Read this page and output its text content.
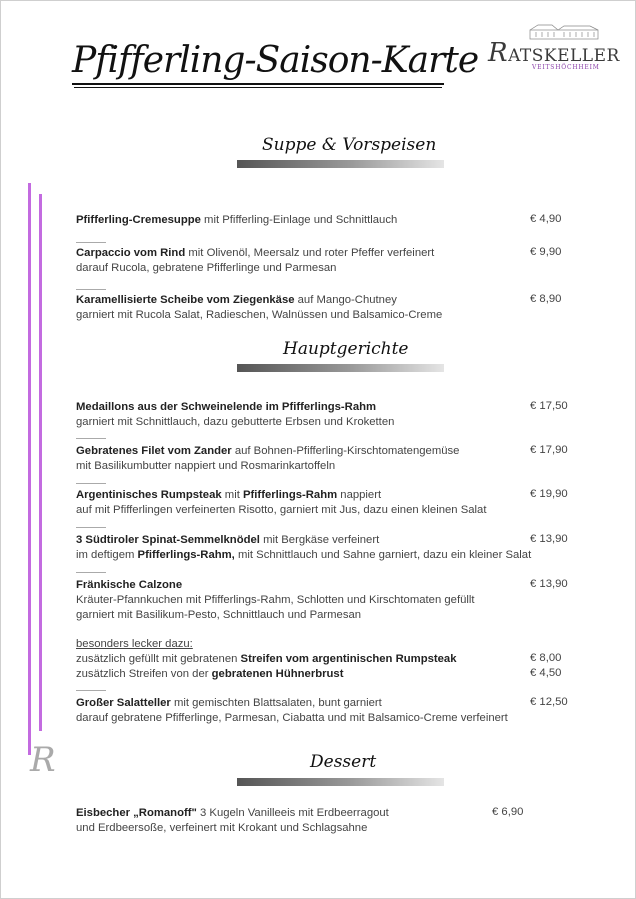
Pfifferling-Saison-Karte RATSKELLER
VEITSHÖCHHEIM
R
Suppe & Vorspeisen
Pfifferling-Cremesuppe mit Pfifferling-Einlage und Schnittlauch	€ 4,90
Carpaccio vom Rind mit Olivenöl, Meersalz und roter Pfeffer verfeinert
darauf Rucola, gebratene Pfifferlinge und Parmesan
€ 9,90
Karamellisierte Scheibe vom Ziegenkäse auf Mango-Chutney
garniert mit Rucola Salat, Radieschen, Walnüssen und Balsamico-Creme
€ 8,90
Hauptgerichte
Medaillons aus der Schweinelende im Pfifferlings-Rahm
garniert mit Schnittlauch, dazu gebutterte Erbsen und Kroketten
€ 17,50
Gebratenes Filet vom Zander auf Bohnen-Pfifferling-Kirschtomatengemüse
mit Basilikumbutter nappiert und Rosmarinkartoffeln
€ 17,90
Argentinisches Rumpsteak mit Pfifferlings-Rahm nappiert
auf mit Pfifferlingen verfeinerten Risotto, garniert mit Jus, dazu einen kleinen Salat
€ 19,90
3 Südtiroler Spinat-Semmelknödel mit Bergkäse verfeinert
im deftigem Pfifferlings-Rahm, mit Schnittlauch und Sahne garniert, dazu ein kleiner Salat
€ 13,90
Fränkische Calzone
Kräuter-Pfannkuchen mit Pfifferlings-Rahm, Schlotten und Kirschtomaten gefüllt
garniert mit Basilikum-Pesto, Schnittlauch und Parmesan
€ 13,90
besonders lecker dazu:
zusätzlich gefüllt mit gebratenen Streifen vom argentinischen Rumpsteak	€ 8,00
zusätzlich Streifen von der gebratenen Hühnerbrust	€ 4,50
Großer Salatteller mit gemischten Blattsalaten, bunt garniert
darauf gebratene Pfifferlinge, Parmesan, Ciabatta und mit Balsamico-Creme verfeinert
€ 12,50
Dessert
Eisbecher „Romanoff" 3 Kugeln Vanilleeis mit Erdbeerragout
und Erdbeersoße, verfeinert mit Krokant und Schlagsahne
€ 6,90
